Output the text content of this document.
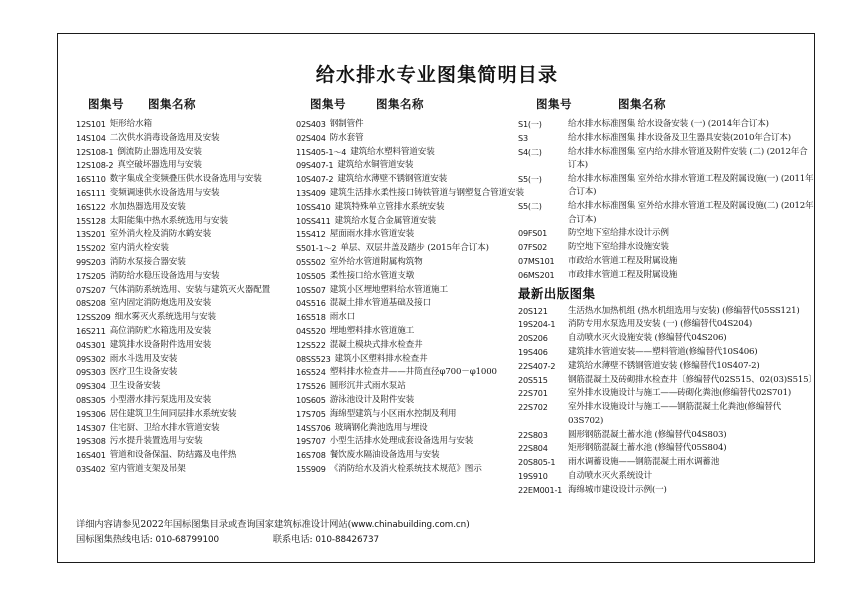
给水排水专业图集简明目录
图集号 图集名称	图集号	图集名称	图集号	图集名称
12S101 矩形给水箱
14S104 二次供水消毒设备选用及安装
12S108-1 倒流防止器选用及安装
12S108-2 真空破坏器选用与安装
16S110 数字集成全变频叠压供水设备选用与安装
16S111 变频调速供水设备选用与安装
16S122 水加热器选用及安装
15S128 太阳能集中热水系统选用与安装
13S201 室外消火栓及消防水鹤安装
15S202 室内消火栓安装
99S203 消防水泵接合器安装
17S205 消防给水稳压设备选用与安装
07S207 气体消防系统选用、安装与建筑灭火器配置
08S208 室内固定消防炮选用及安装
12SS209 细水雾灭火系统选用与安装
16S211 高位消防贮水箱选用及安装
04S301 建筑排水设备附件选用安装
09S302 雨水斗选用及安装
09S303 医疗卫生设备安装
09S304 卫生设备安装
08S305 小型潜水排污泵选用及安装
19S306 居住建筑卫生间同层排水系统安装
14S307 住宅厨、卫给水排水管道安装
19S308 污水提升装置选用与安装
16S401 管道和设备保温、防结露及电伴热
03S402 室内管道支架及吊架
02S403 钢制管件
02S404 防水套管
11S405-1～4 建筑给水塑料管道安装
09S407-1 建筑给水铜管道安装
10S407-2 建筑给水薄壁不锈钢管道安装
13S409 建筑生活排水柔性接口铸铁管道与钢塑复合管道安装
10SS410 建筑特殊单立管排水系统安装
10SS411 建筑给水复合金属管道安装
15S412 屋面雨水排水管道安装
S501-1～2 单层、双层井盖及踏步 (2015年合订本)
05S502 室外给水管道附属构筑物
10S505 柔性接口给水管道支墩
10S507 建筑小区埋地塑料给水管道施工
04S516 混凝土排水管道基础及接口
16S518 雨水口
04S520 埋地塑料排水管道施工
12S522 混凝土模块式排水检查井
08SS523 建筑小区塑料排水检查井
16S524 塑料排水检查井——井筒直径φ700－φ1000
17S526 圆形沉井式雨水泵站
10S605 游泳池设计及附件安装
17S705 海绵型建筑与小区雨水控制及利用
14SS706 玻璃钢化粪池选用与埋设
19S707 小型生活排水处理成套设备选用与安装
16S708 餐饮废水隔油设备选用与安装
15S909 《消防给水及消火栓系统技术规范》图示
S1(一)	给水排水标准图集 给水设备安装 (一) (2014年合订本)
S3	给水排水标准图集 排水设备及卫生器具安装(2010年合订本)
S4(二)	给水排水标准图集 室内给水排水管道及附件安装 (二) (2012年合订本)
S5(一)	给水排水标准图集 室外给水排水管道工程及附属设施(一) (2011年合订本)
S5(二)	给水排水标准图集 室外给水排水管道工程及附属设施(二) (2012年合订本)
09FS01	防空地下室给排水设计示例
07FS02	防空地下室给排水设施安装
07MS101	市政给水管道工程及附属设施
06MS201	市政排水管道工程及附属设施
最新出版图集
20S121	生活热水加热机组 (热水机组选用与安装) (修编替代05SS121)
19S204-1	消防专用水泵选用及安装 (一) (修编替代04S204)
20S206	自动喷水灭火设施安装 (修编替代04S206)
19S406	建筑排水管道安装——塑料管道(修编替代10S406)
22S407-2	建筑给水薄壁不锈钢管道安装 (修编替代10S407-2)
20S515	钢筋混凝土及砖砌排水检查井〔修编替代02S515、02(03)S515〕
22S701	室外排水设施设计与施工——砖砌化粪池(修编替代02S701)
22S702	室外排水设施设计与施工——钢筋混凝土化粪池(修编替代03S702)
22S803	圆形钢筋混凝土蓄水池 (修编替代04S803)
22S804	矩形钢筋混凝土蓄水池 (修编替代05S804)
20S805-1	雨水调蓄设施——钢筋混凝土雨水调蓄池
19S910	自动喷水灭火系统设计
22EM001-1 海绵城市建设设计示例(一)
详细内容请参见2022年国标图集目录或查询国家建筑标准设计网站(www.chinabuilding.com.cn)
国标图集热线电话: 010-68799100	联系电话: 010-88426737
